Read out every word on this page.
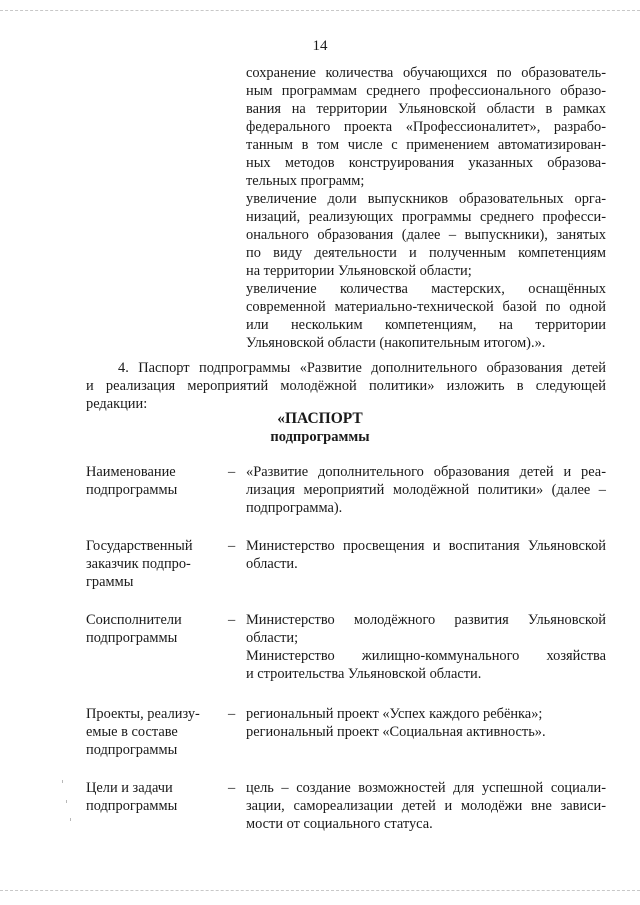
14
сохранение количества обучающихся по образователь-
ным программам среднего профессионального образо-
вания на территории Ульяновской области в рамках
федерального проекта «Профессионалитет», разрабо-
танным в том числе с применением автоматизирован-
ных методов конструирования указанных образова-
тельных программ;
увеличение доли выпускников образовательных орга-
низаций, реализующих программы среднего професси-
онального образования (далее – выпускники), занятых
по виду деятельности и полученным компетенциям
на территории Ульяновской области;
увеличение количества мастерских, оснащённых
современной материально-технической базой по одной
или нескольким компетенциям, на территории
Ульяновской области (накопительным итогом).».
4. Паспорт подпрограммы «Развитие дополнительного образования детей
и реализация мероприятий молодёжной политики» изложить в следующей
редакции:
«ПАСПОРТ
подпрограммы
Наименование
подпрограммы
– «Развитие дополнительного образования детей и реа-
лизация мероприятий молодёжной политики» (далее –
подпрограмма).
Государственный
заказчик подпро-
граммы
– Министерство просвещения и воспитания Ульяновской
области.
Соисполнители
подпрограммы
– Министерство молодёжного развития Ульяновской
области;
Министерство жилищно-коммунального хозяйства
и строительства Ульяновской области.
Проекты, реализу-
емые в составе
подпрограммы
– региональный проект «Успех каждого ребёнка»;
региональный проект «Социальная активность».
Цели и задачи
подпрограммы
– цель – создание возможностей для успешной социали-
зации, самореализации детей и молодёжи вне зависи-
мости от социального статуса.
